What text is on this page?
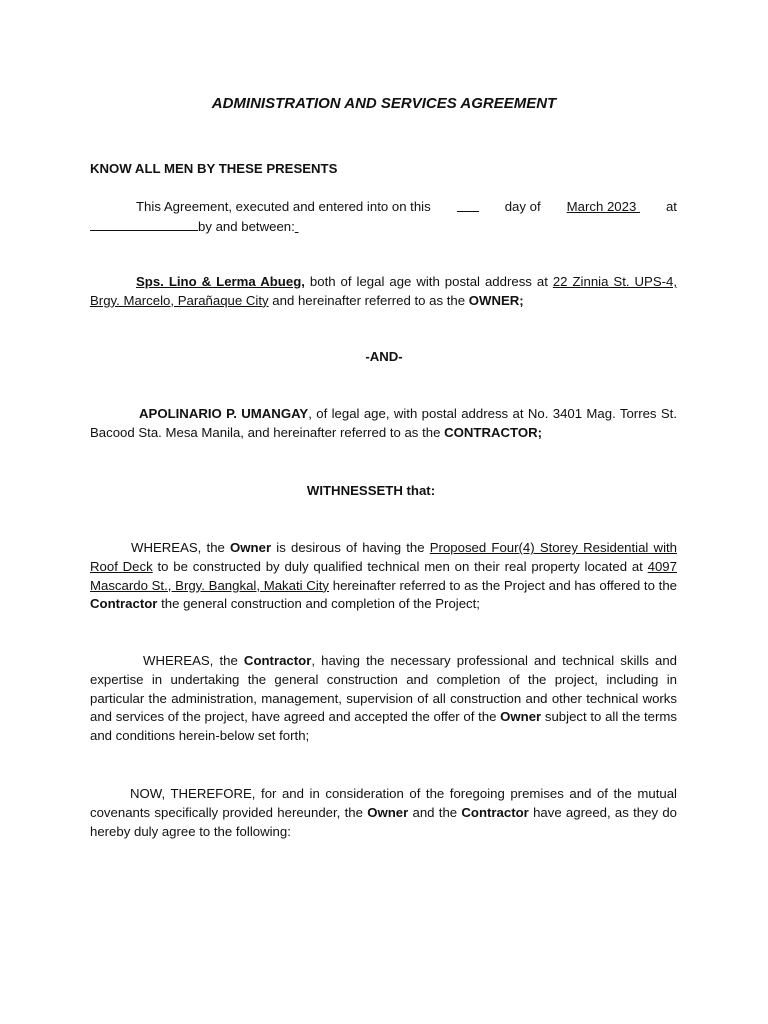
ADMINISTRATION AND SERVICES AGREEMENT
KNOW ALL MEN BY THESE PRESENTS
This Agreement, executed and entered into on this	day of March 2023 at
by and between:
Sps. Lino & Lerma Abueg, both of legal age with postal address at 22 Zinnia St. UPS-4, Brgy. Marcelo, Parañaque City and hereinafter referred to as the OWNER;
-AND-
APOLINARIO P. UMANGAY, of legal age, with postal address at No. 3401 Mag. Torres St. Bacood Sta. Mesa Manila, and hereinafter referred to as the CONTRACTOR;
WITHNESSETH that:
WHEREAS, the Owner is desirous of having the Proposed Four(4) Storey Residential with Roof Deck to be constructed by duly qualified technical men on their real property located at 4097 Mascardo St., Brgy. Bangkal, Makati City hereinafter referred to as the Project and has offered to the Contractor the general construction and completion of the Project;
WHEREAS, the Contractor, having the necessary professional and technical skills and expertise in undertaking the general construction and completion of the project, including in particular the administration, management, supervision of all construction and other technical works and services of the project, have agreed and accepted the offer of the Owner subject to all the terms and conditions herein-below set forth;
NOW, THEREFORE, for and in consideration of the foregoing premises and of the mutual covenants specifically provided hereunder, the Owner and the Contractor have agreed, as they do hereby duly agree to the following:
